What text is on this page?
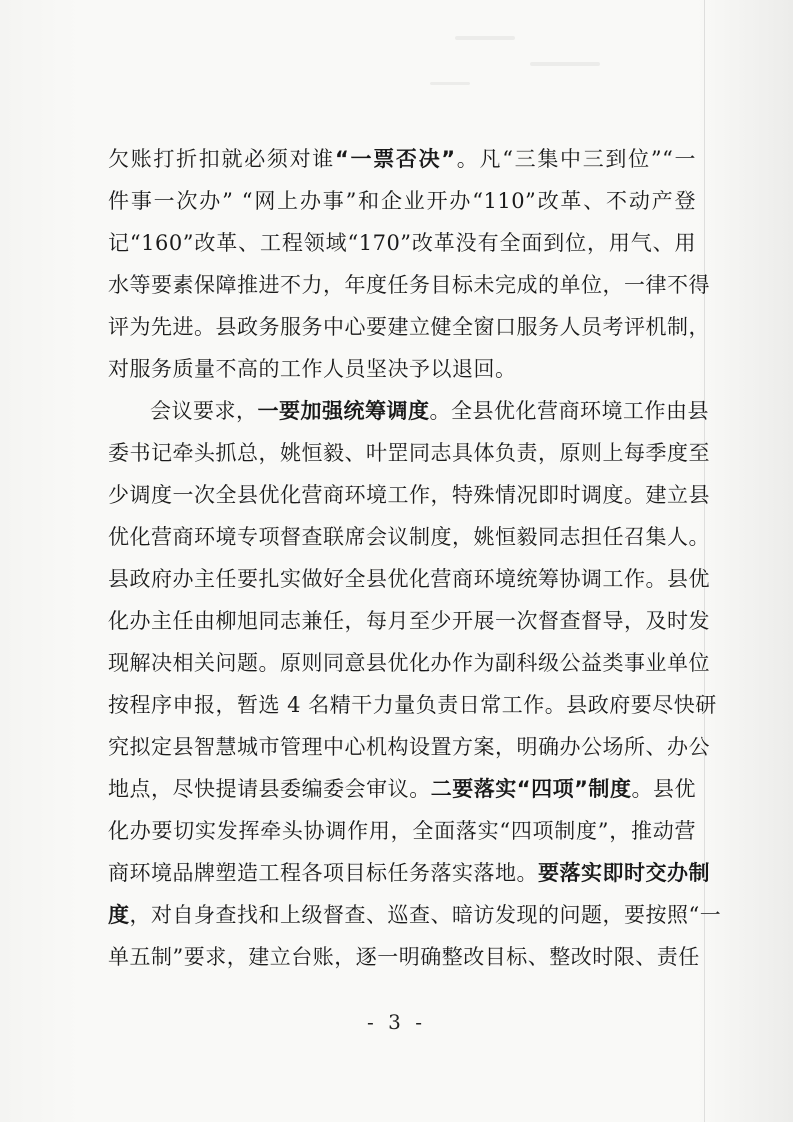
欠账打折扣就必须对谁“一票否决”。凡“三集中三到位”“一
件事一次办” “网上办事”和企业开办“110”改革、不动产登
记“160”改革、工程领域“170”改革没有全面到位，用气、用
水等要素保障推进不力，年度任务目标未完成的单位，一律不得
评为先进。县政务服务中心要建立健全窗口服务人员考评机制，
对服务质量不高的工作人员坚决予以退回。
会议要求，一要加强统筹调度。全县优化营商环境工作由县
委书记牵头抓总，姚恒毅、叶罡同志具体负责，原则上每季度至
少调度一次全县优化营商环境工作，特殊情况即时调度。建立县
优化营商环境专项督查联席会议制度，姚恒毅同志担任召集人。
县政府办主任要扎实做好全县优化营商环境统筹协调工作。县优
化办主任由柳旭同志兼任，每月至少开展一次督查督导，及时发
现解决相关问题。原则同意县优化办作为副科级公益类事业单位
按程序申报，暂选 4 名精干力量负责日常工作。县政府要尽快研
究拟定县智慧城市管理中心机构设置方案，明确办公场所、办公
地点，尽快提请县委编委会审议。二要落实“四项”制度。县优
化办要切实发挥牵头协调作用，全面落实“四项制度”，推动营
商环境品牌塑造工程各项目标任务落实落地。要落实即时交办制
度，对自身查找和上级督查、巡查、暗访发现的问题，要按照“一
单五制”要求，建立台账，逐一明确整改目标、整改时限、责任
- 3 -
